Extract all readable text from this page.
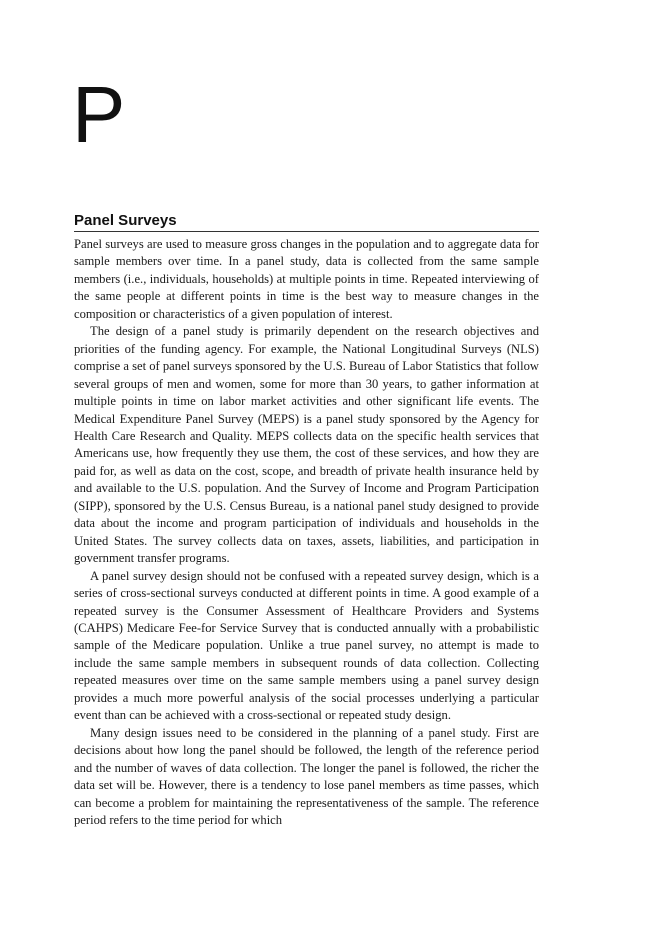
P
Panel Surveys

Panel surveys are used to measure gross changes in the population and to aggregate data for sample members over time. In a panel study, data is collected from the same sample members (i.e., individuals, households) at multiple points in time. Repeated interviewing of the same people at different points in time is the best way to measure changes in the composition or characteristics of a given population of interest.

The design of a panel study is primarily dependent on the research objectives and priorities of the funding agency. For example, the National Longitudinal Surveys (NLS) comprise a set of panel surveys sponsored by the U.S. Bureau of Labor Statistics that follow several groups of men and women, some for more than 30 years, to gather information at multiple points in time on labor market activities and other significant life events. The Medical Expenditure Panel Survey (MEPS) is a panel study sponsored by the Agency for Health Care Research and Quality. MEPS collects data on the specific health services that Americans use, how frequently they use them, the cost of these services, and how they are paid for, as well as data on the cost, scope, and breadth of private health insurance held by and available to the U.S. population. And the Survey of Income and Program Participation (SIPP), sponsored by the U.S. Census Bureau, is a national panel study designed to provide data about the income and program participation of individuals and households in the United States. The survey collects data on taxes, assets, liabilities, and participation in government transfer programs.

A panel survey design should not be confused with a repeated survey design, which is a series of cross-sectional surveys conducted at different points in time. A good example of a repeated survey is the Consumer Assessment of Healthcare Providers and Systems (CAHPS) Medicare Fee-for Service Survey that is conducted annually with a probabilistic sample of the Medicare population. Unlike a true panel survey, no attempt is made to include the same sample members in subsequent rounds of data collection. Collecting repeated measures over time on the same sample members using a panel survey design provides a much more powerful analysis of the social processes underlying a particular event than can be achieved with a cross-sectional or repeated study design.

Many design issues need to be considered in the planning of a panel study. First are decisions about how long the panel should be followed, the length of the reference period and the number of waves of data collection. The longer the panel is followed, the richer the data set will be. However, there is a tendency to lose panel members as time passes, which can become a problem for maintaining the representativeness of the sample. The reference period refers to the time period for which
